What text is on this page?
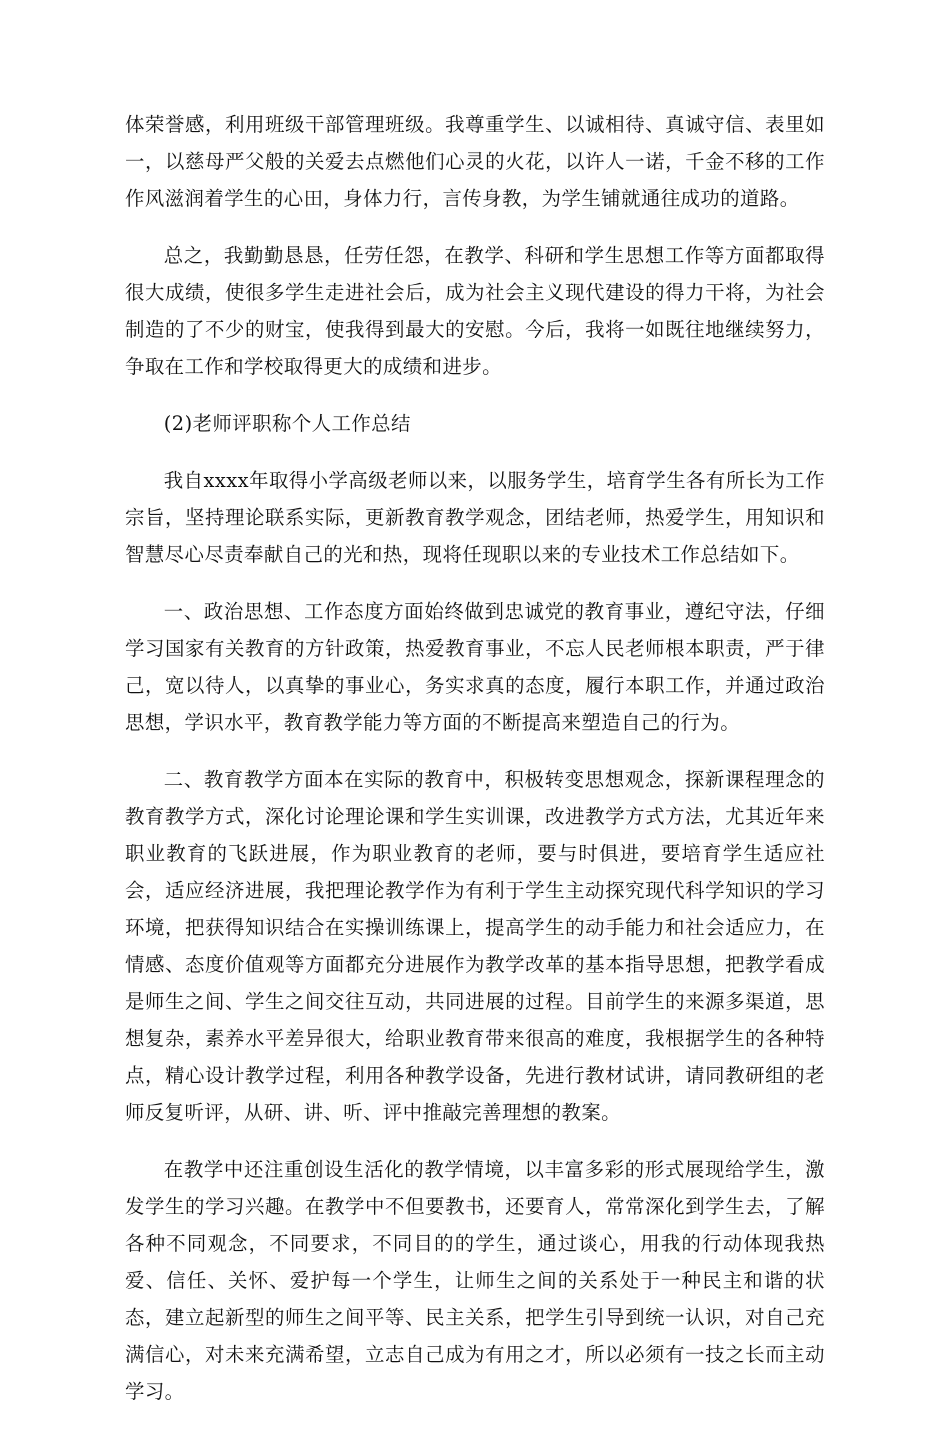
体荣誉感，利用班级干部管理班级。我尊重学生、以诚相待、真诚守信、表里如一，以慈母严父般的关爱去点燃他们心灵的火花，以许人一诺，千金不移的工作作风滋润着学生的心田，身体力行，言传身教，为学生铺就通往成功的道路。

总之，我勤勤恳恳，任劳任怨，在教学、科研和学生思想工作等方面都取得很大成绩，使很多学生走进社会后，成为社会主义现代建设的得力干将，为社会制造的了不少的财宝，使我得到最大的安慰。今后，我将一如既往地继续努力，争取在工作和学校取得更大的成绩和进步。

(2)老师评职称个人工作总结

我自xxxx年取得小学高级老师以来，以服务学生，培育学生各有所长为工作宗旨，坚持理论联系实际，更新教育教学观念，团结老师，热爱学生，用知识和智慧尽心尽责奉献自己的光和热，现将任现职以来的专业技术工作总结如下。

一、政治思想、工作态度方面始终做到忠诚党的教育事业，遵纪守法，仔细学习国家有关教育的方针政策，热爱教育事业，不忘人民老师根本职责，严于律己，宽以待人，以真挚的事业心，务实求真的态度，履行本职工作，并通过政治思想，学识水平，教育教学能力等方面的不断提高来塑造自己的行为。

二、教育教学方面本在实际的教育中，积极转变思想观念，探新课程理念的教育教学方式，深化讨论理论课和学生实训课，改进教学方式方法，尤其近年来职业教育的飞跃进展，作为职业教育的老师，要与时俱进，要培育学生适应社会，适应经济进展，我把理论教学作为有利于学生主动探究现代科学知识的学习环境，把获得知识结合在实操训练课上，提高学生的动手能力和社会适应力，在情感、态度价值观等方面都充分进展作为教学改革的基本指导思想，把教学看成是师生之间、学生之间交往互动，共同进展的过程。目前学生的来源多渠道，思想复杂，素养水平差异很大，给职业教育带来很高的难度，我根据学生的各种特点，精心设计教学过程，利用各种教学设备，先进行教材试讲，请同教研组的老师反复听评，从研、讲、听、评中推敲完善理想的教案。

在教学中还注重创设生活化的教学情境，以丰富多彩的形式展现给学生，激发学生的学习兴趣。在教学中不但要教书，还要育人，常常深化到学生去，了解各种不同观念，不同要求，不同目的的学生，通过谈心，用我的行动体现我热爱、信任、关怀、爱护每一个学生，让师生之间的关系处于一种民主和谐的状态，建立起新型的师生之间平等、民主关系，把学生引导到统一认识，对自己充满信心，对未来充满希望，立志自己成为有用之才，所以必须有一技之长而主动学习。
